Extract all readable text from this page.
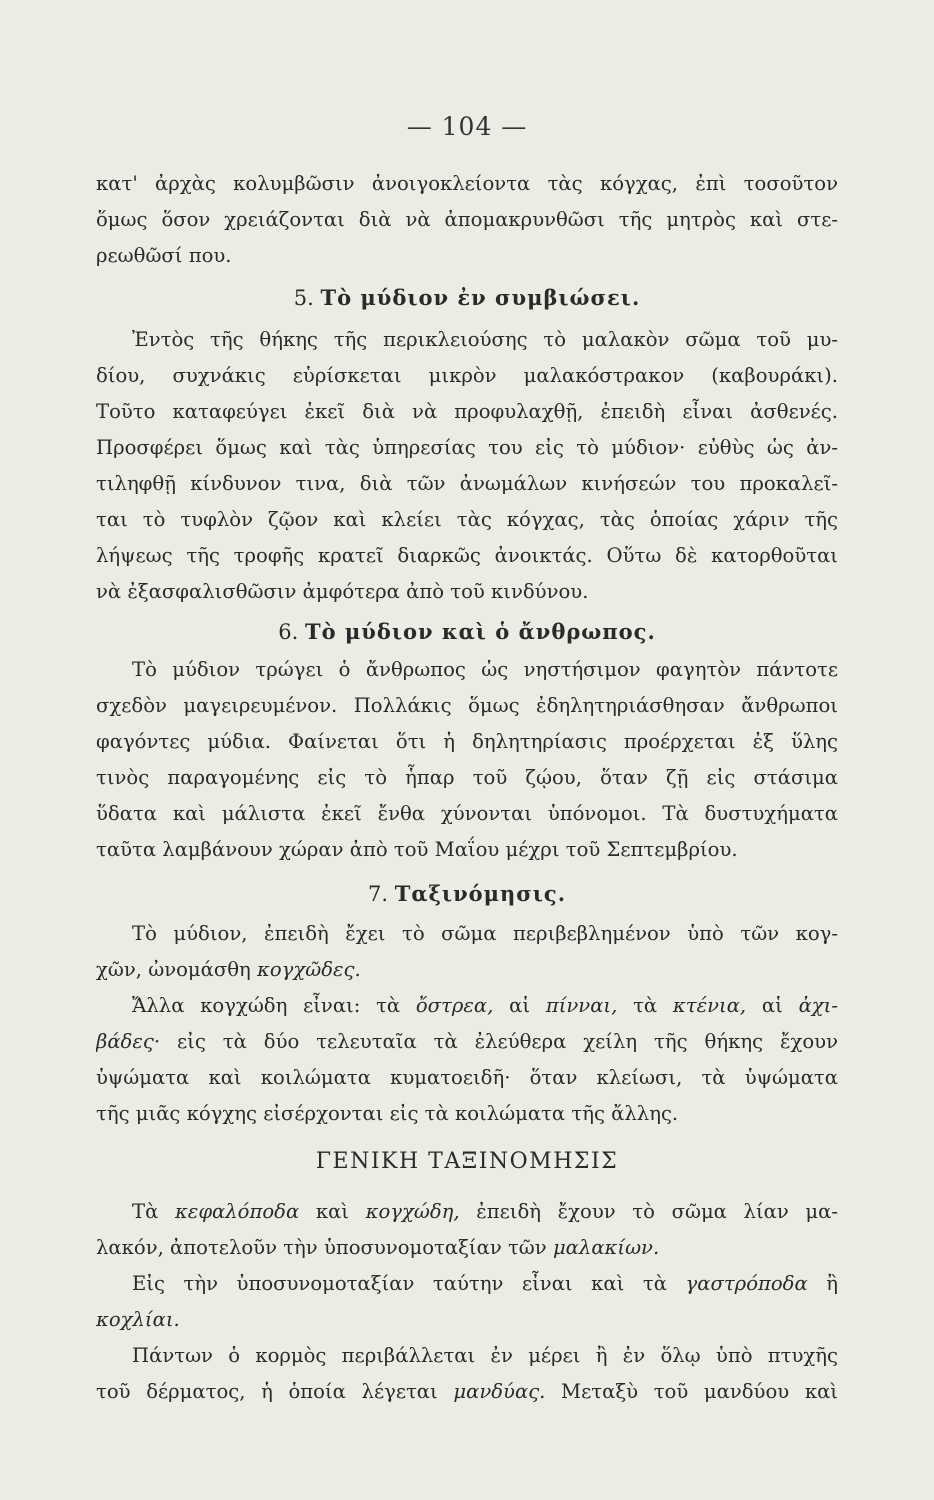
— 104 —
κατ' ἀρχὰς κολυμβῶσιν ἀνοιγοκλείοντα τὰς κόγχας, ἐπὶ τοσοῦτον
ὅμως ὅσον χρειάζονται διὰ νὰ ἀπομακρυνθῶσι τῆς μητρὸς καὶ στε-
ρεωθῶσί που.
5. Τὸ μύδιον ἐν συμβιώσει.
Ἐντὸς τῆς θήκης τῆς περικλειούσης τὸ μαλακὸν σῶμα τοῦ μυ-
δίου, συχνάκις εὑρίσκεται μικρὸν μαλακόστρακον (καβουράκι).
Τοῦτο καταφεύγει ἐκεῖ διὰ νὰ προφυλαχθῇ, ἐπειδὴ εἶναι ἀσθενές.
Προσφέρει ὅμως καὶ τὰς ὑπηρεσίας του εἰς τὸ μύδιον· εὐθὺς ὡς ἀν-
τιληφθῇ κίνδυνον τινα, διὰ τῶν ἀνωμάλων κινήσεών του προκαλεῖ-
ται τὸ τυφλὸν ζῷον καὶ κλείει τὰς κόγχας, τὰς ὁποίας χάριν τῆς
λήψεως τῆς τροφῆς κρατεῖ διαρκῶς ἀνοικτάς. Οὕτω δὲ κατορθοῦται
νὰ ἐξασφαλισθῶσιν ἀμφότερα ἀπὸ τοῦ κινδύνου.
6. Τὸ μύδιον καὶ ὁ ἄνθρωπος.
Τὸ μύδιον τρώγει ὁ ἄνθρωπος ὡς νηστήσιμον φαγητὸν πάντοτε
σχεδὸν μαγειρευμένον. Πολλάκις ὅμως ἐδηλητηριάσθησαν ἄνθρωποι
φαγόντες μύδια. Φαίνεται ὅτι ἡ δηλητηρίασις προέρχεται ἐξ ὕλης
τινὸς παραγομένης εἰς τὸ ἧπαρ τοῦ ζῴου, ὅταν ζῇ εἰς στάσιμα
ὕδατα καὶ μάλιστα ἐκεῖ ἔνθα χύνονται ὑπόνομοι. Τὰ δυστυχήματα
ταῦτα λαμβάνουν χώραν ἀπὸ τοῦ Μαΐου μέχρι τοῦ Σεπτεμβρίου.
7. Ταξινόμησις.
Τὸ μύδιον, ἐπειδὴ ἔχει τὸ σῶμα περιβεβλημένον ὑπὸ τῶν κογ-
χῶν, ὠνομάσθη κογχῶδες.
Ἄλλα κογχώδη εἶναι: τὰ ὄστρεα, αἱ πίνναι, τὰ κτένια, αἱ ἀχι-
βάδες· εἰς τὰ δύο τελευταῖα τὰ ἐλεύθερα χείλη τῆς θήκης ἔχουν
ὑψώματα καὶ κοιλώματα κυματοειδῆ· ὅταν κλείωσι, τὰ ὑψώματα
τῆς μιᾶς κόγχης εἰσέρχονται εἰς τὰ κοιλώματα τῆς ἄλλης.
ΓΕΝΙΚΗ ΤΑΞΙΝΟΜΗΣΙΣ
Τὰ κεφαλόποδα καὶ κογχώδη, ἐπειδὴ ἔχουν τὸ σῶμα λίαν μα-
λακόν, ἀποτελοῦν τὴν ὑποσυνομοταξίαν τῶν μαλακίων.
Εἰς τὴν ὑποσυνομοταξίαν ταύτην εἶναι καὶ τὰ γαστρόποδα ἢ
κοχλίαι.
Πάντων ὁ κορμὸς περιβάλλεται ἐν μέρει ἢ ἐν ὅλῳ ὑπὸ πτυχῆς
τοῦ δέρματος, ἡ ὁποία λέγεται μανδύας. Μεταξὺ τοῦ μανδύου καὶ
